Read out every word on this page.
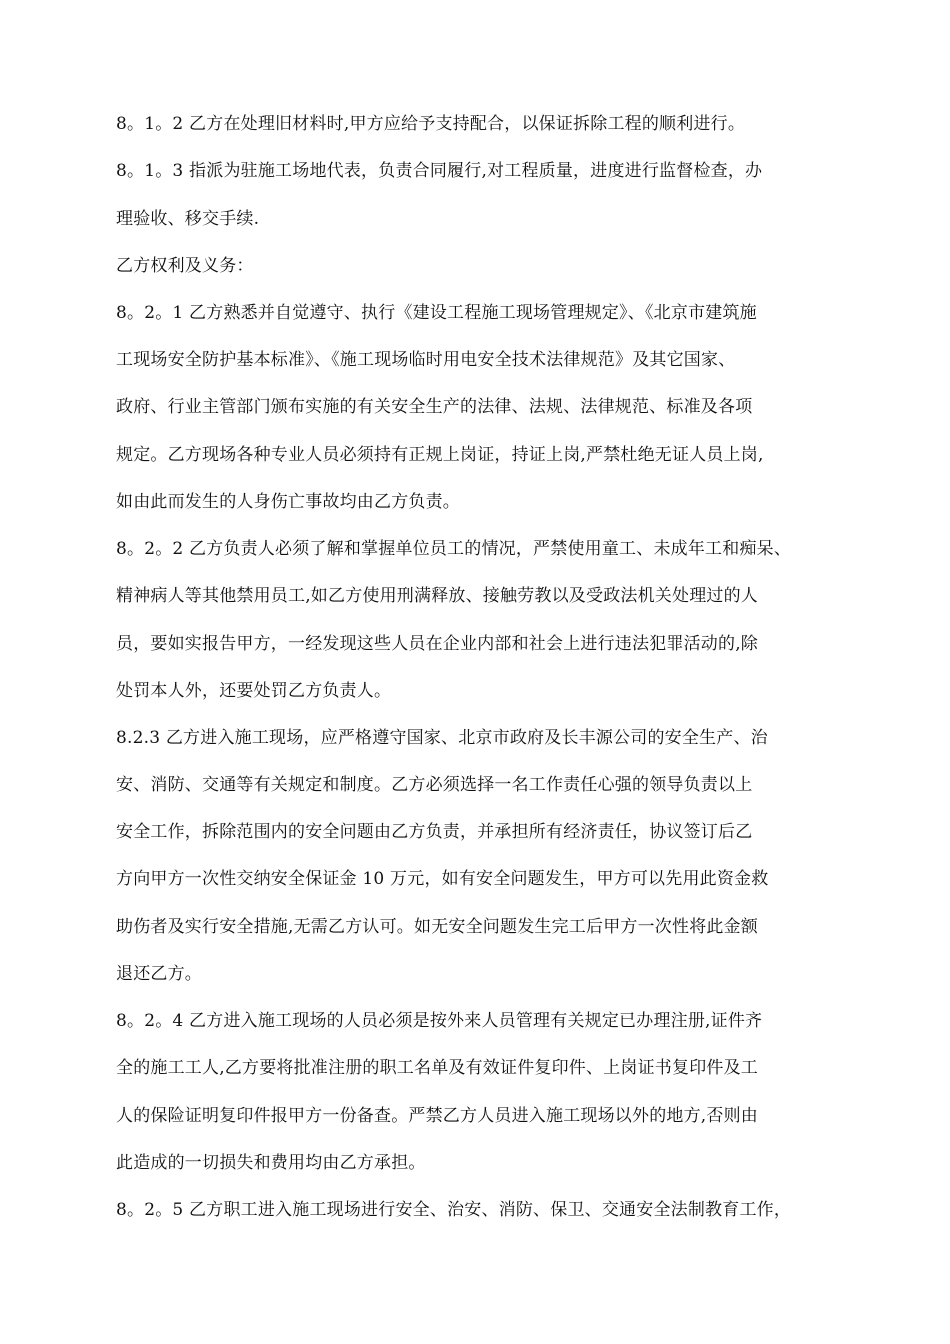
8。1。2 乙方在处理旧材料时,甲方应给予支持配合，以保证拆除工程的顺利进行。
8。1。3 指派为驻施工场地代表，负责合同履行,对工程质量，进度进行监督检查，办
理验收、移交手续.
乙方权利及义务：
8。2。1 乙方熟悉并自觉遵守、执行《建设工程施工现场管理规定》、《北京市建筑施
工现场安全防护基本标准》、《施工现场临时用电安全技术法律规范》及其它国家、
政府、行业主管部门颁布实施的有关安全生产的法律、法规、法律规范、标准及各项
规定。乙方现场各种专业人员必须持有正规上岗证，持证上岗,严禁杜绝无证人员上岗,
如由此而发生的人身伤亡事故均由乙方负责。
8。2。2 乙方负责人必须了解和掌握单位员工的情况，严禁使用童工、未成年工和痴呆、
精神病人等其他禁用员工,如乙方使用刑满释放、接触劳教以及受政法机关处理过的人
员，要如实报告甲方，一经发现这些人员在企业内部和社会上进行违法犯罪活动的,除
处罚本人外，还要处罚乙方负责人。
8.2.3 乙方进入施工现场，应严格遵守国家、北京市政府及长丰源公司的安全生产、治
安、消防、交通等有关规定和制度。乙方必须选择一名工作责任心强的领导负责以上
安全工作，拆除范围内的安全问题由乙方负责，并承担所有经济责任，协议签订后乙
方向甲方一次性交纳安全保证金 10 万元，如有安全问题发生，甲方可以先用此资金救
助伤者及实行安全措施,无需乙方认可。如无安全问题发生完工后甲方一次性将此金额
退还乙方。
8。2。4 乙方进入施工现场的人员必须是按外来人员管理有关规定已办理注册,证件齐
全的施工工人,乙方要将批准注册的职工名单及有效证件复印件、上岗证书复印件及工
人的保险证明复印件报甲方一份备查。严禁乙方人员进入施工现场以外的地方,否则由
此造成的一切损失和费用均由乙方承担。
8。2。5 乙方职工进入施工现场进行安全、治安、消防、保卫、交通安全法制教育工作，
